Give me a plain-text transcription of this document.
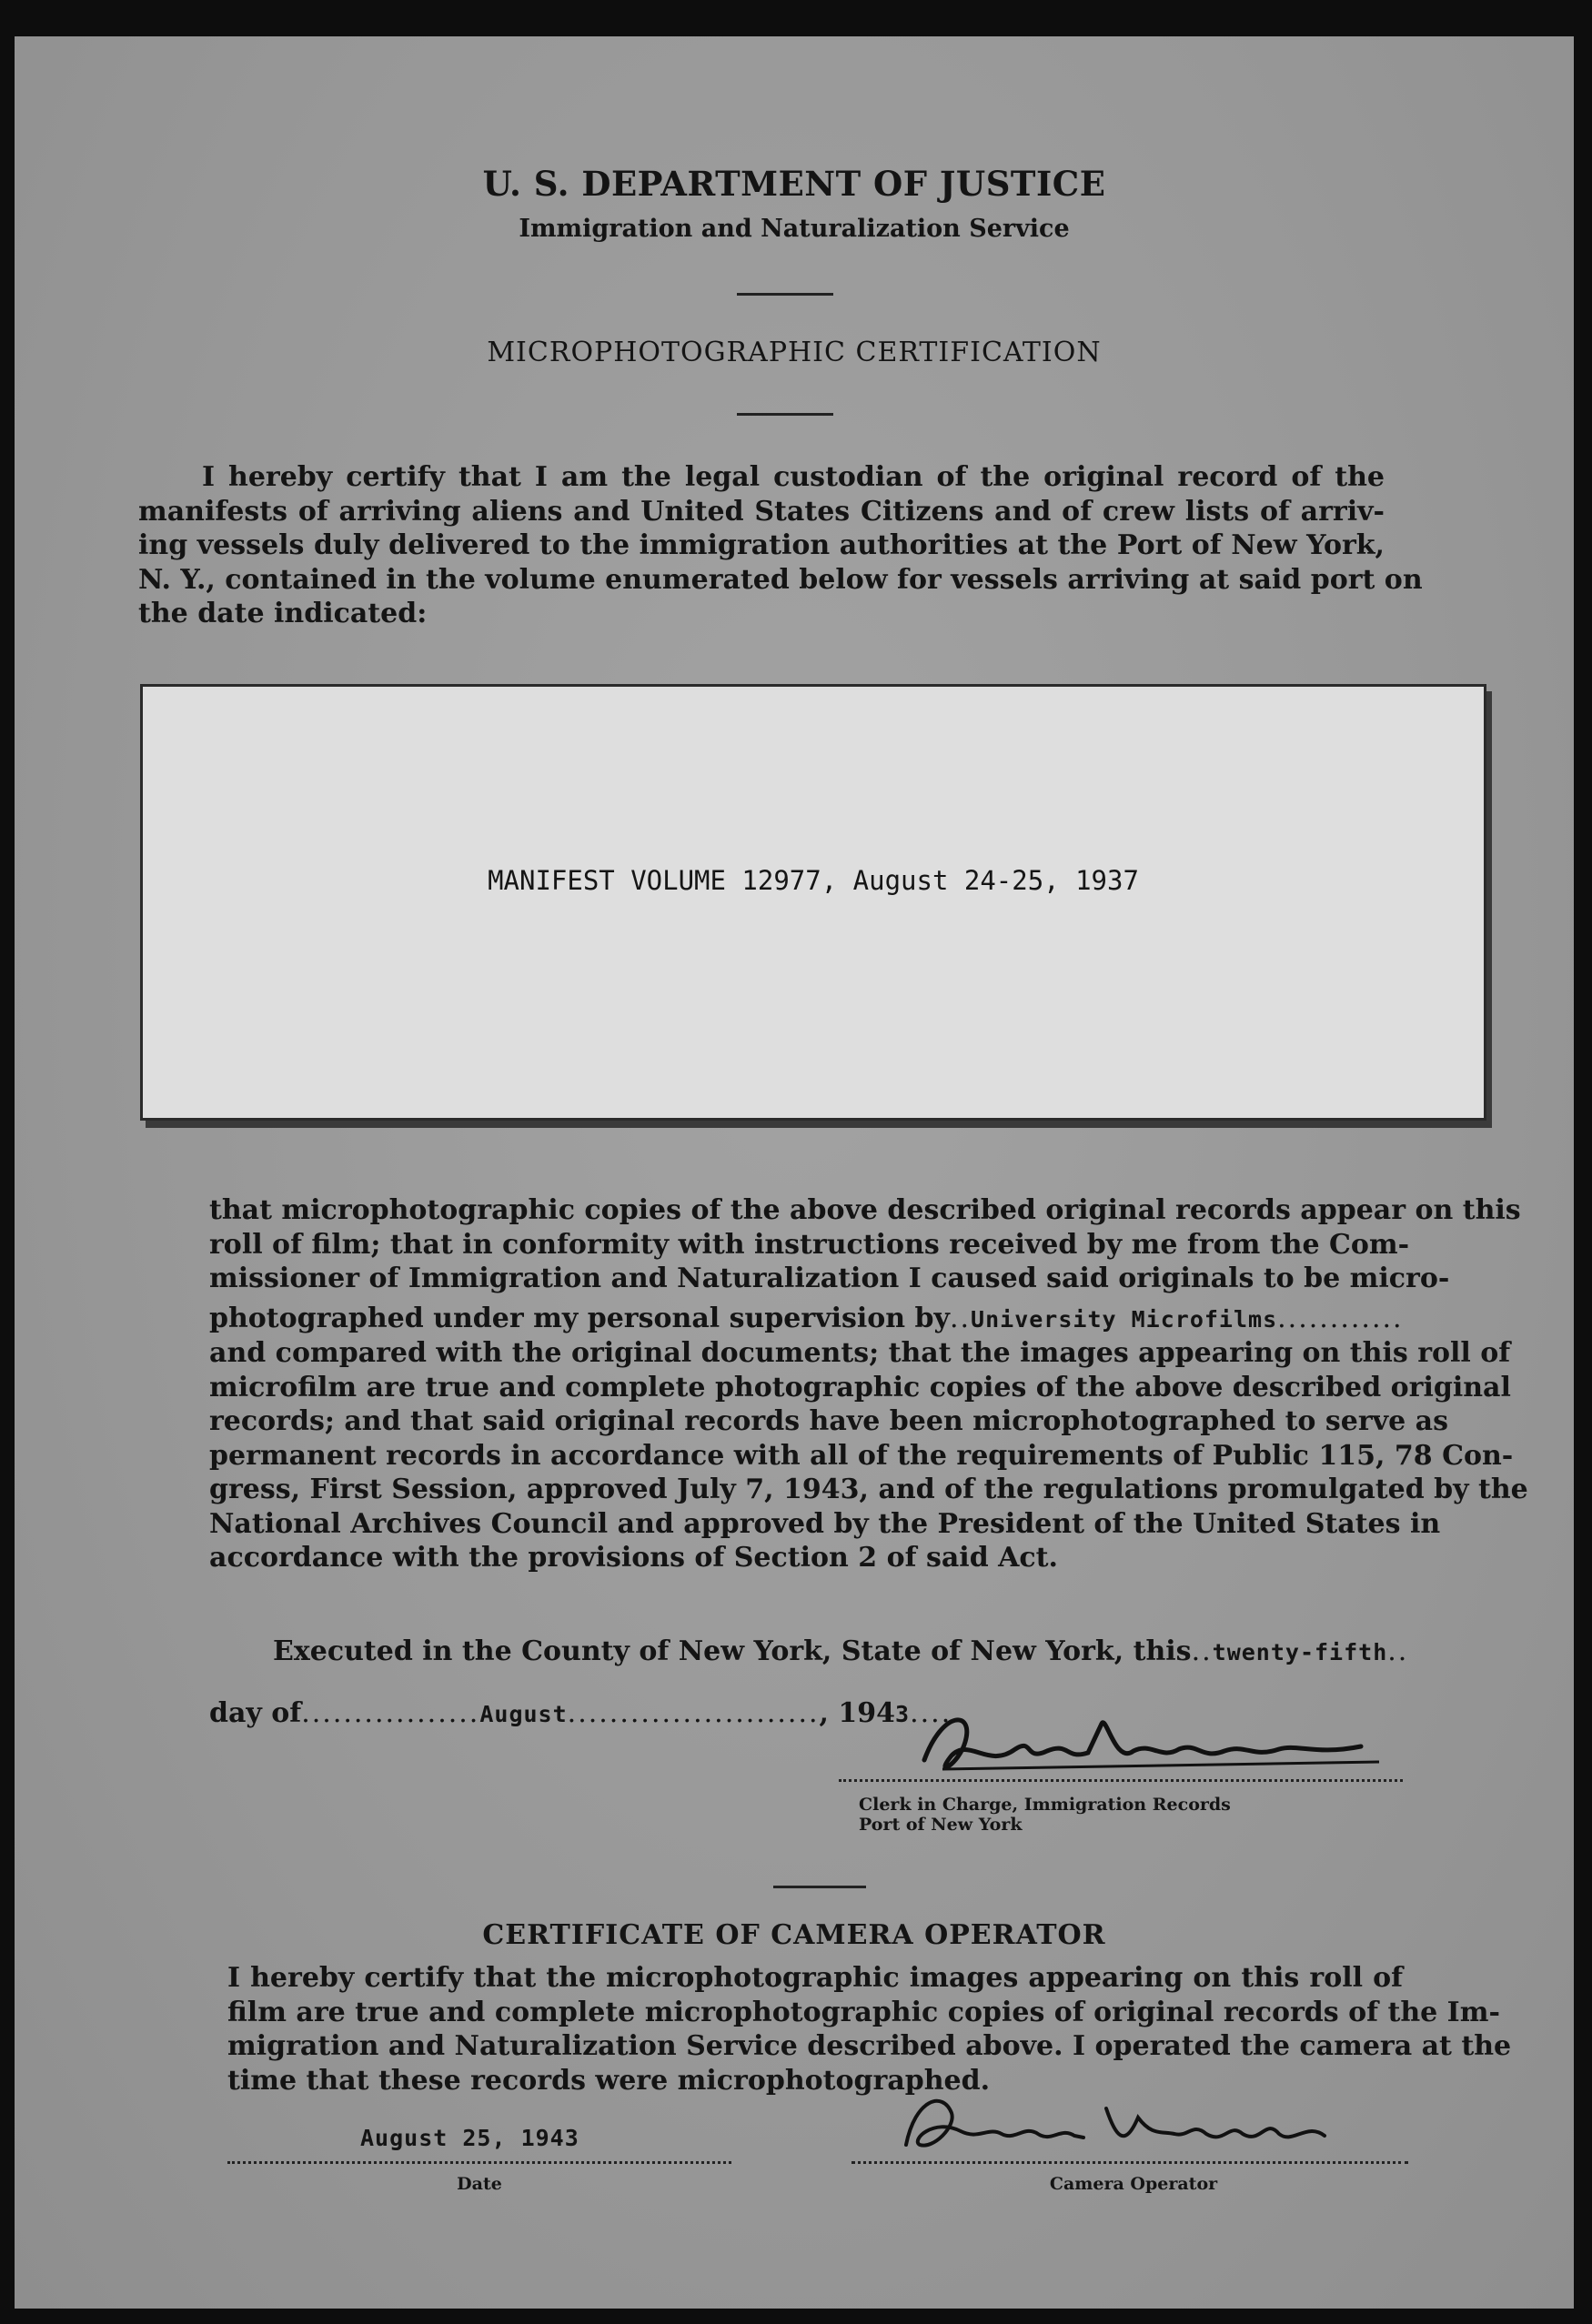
U. S. DEPARTMENT OF JUSTICE
Immigration and Naturalization Service
MICROPHOTOGRAPHIC CERTIFICATION
I hereby certify that I am the legal custodian of the original record of the
manifests of arriving aliens and United States Citizens and of crew lists of arriv-
ing vessels duly delivered to the immigration authorities at the Port of New York,
N. Y., contained in the volume enumerated below for vessels arriving at said port on
the date indicated:
MANIFEST VOLUME 12977, August 24-25, 1937
that microphotographic copies of the above described original records appear on this
roll of film; that in conformity with instructions received by me from the Com-
missioner of Immigration and Naturalization I caused said originals to be micro-
photographed under my personal supervision by..University Microfilms............
and compared with the original documents; that the images appearing on this roll of
microfilm are true and complete photographic copies of the above described original
records; and that said original records have been microphotographed to serve as
permanent records in accordance with all of the requirements of Public 115, 78 Con-
gress, First Session, approved July 7, 1943, and of the regulations promulgated by the
National Archives Council and approved by the President of the United States in
accordance with the provisions of Section 2 of said Act.
Executed in the County of New York, State of New York, this..twenty-fifth..
day of.................August........................, 1943....
Clerk in Charge, Immigration Records
Port of New York
CERTIFICATE OF CAMERA OPERATOR
I hereby certify that the microphotographic images appearing on this roll of
film are true and complete microphotographic copies of original records of the Im-
migration and Naturalization Service described above. I operated the camera at the
time that these records were microphotographed.
August 25, 1943
Date	Camera Operator
